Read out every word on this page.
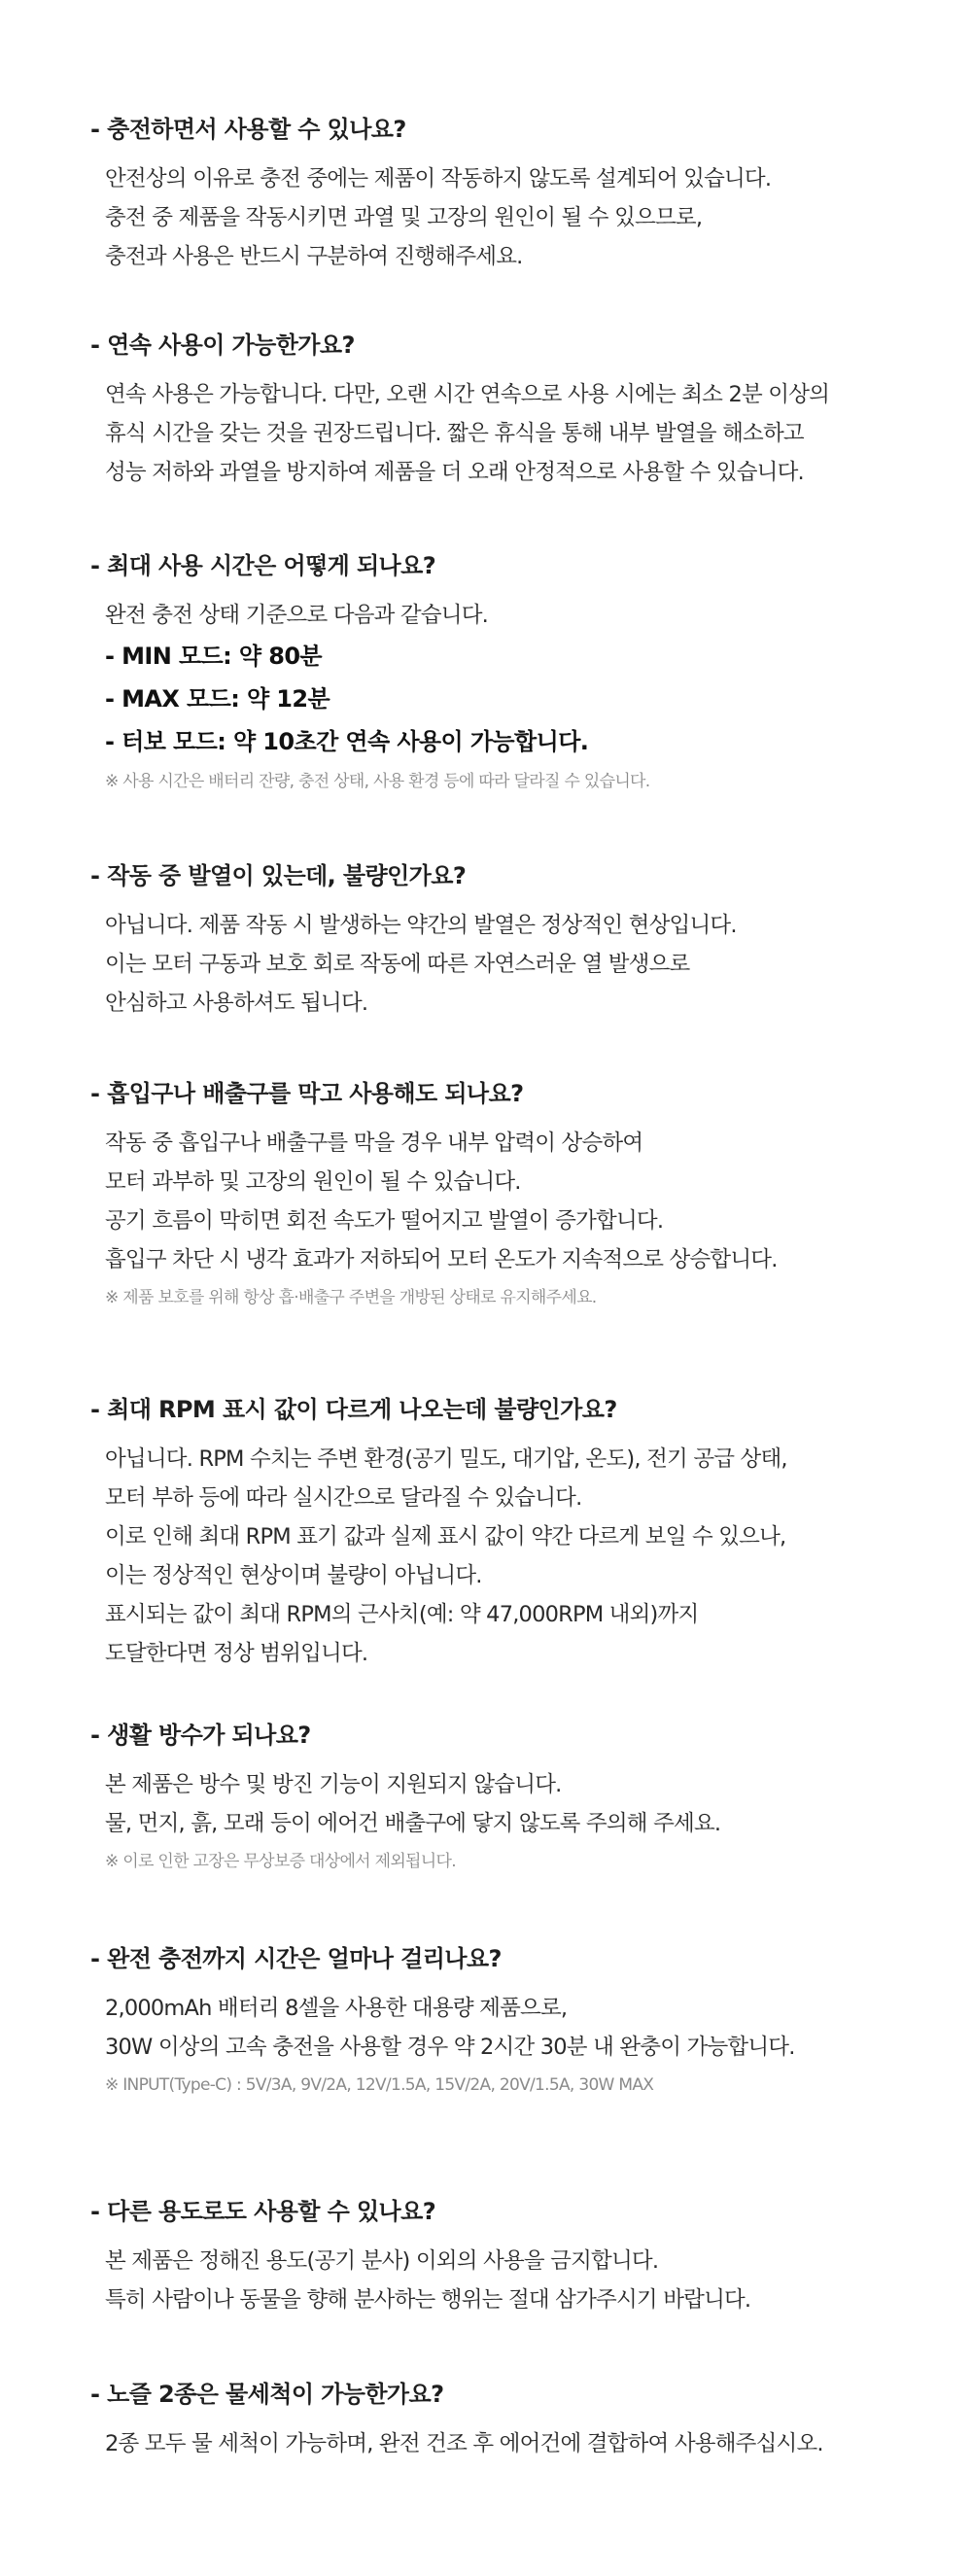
- 충전하면서 사용할 수 있나요?
안전상의 이유로 충전 중에는 제품이 작동하지 않도록 설계되어 있습니다.
충전 중 제품을 작동시키면 과열 및 고장의 원인이 될 수 있으므로,
충전과 사용은 반드시 구분하여 진행해주세요.
- 연속 사용이 가능한가요?
연속 사용은 가능합니다. 다만, 오랜 시간 연속으로 사용 시에는 최소 2분 이상의
휴식 시간을 갖는 것을 권장드립니다. 짧은 휴식을 통해 내부 발열을 해소하고
성능 저하와 과열을 방지하여 제품을 더 오래 안정적으로 사용할 수 있습니다.
- 최대 사용 시간은 어떻게 되나요?
완전 충전 상태 기준으로 다음과 같습니다.
- MIN 모드: 약 80분
- MAX 모드: 약 12분
- 터보 모드: 약 10초간 연속 사용이 가능합니다.
※ 사용 시간은 배터리 잔량, 충전 상태, 사용 환경 등에 따라 달라질 수 있습니다.
- 작동 중 발열이 있는데, 불량인가요?
아닙니다. 제품 작동 시 발생하는 약간의 발열은 정상적인 현상입니다.
이는 모터 구동과 보호 회로 작동에 따른 자연스러운 열 발생으로
안심하고 사용하셔도 됩니다.
- 흡입구나 배출구를 막고 사용해도 되나요?
작동 중 흡입구나 배출구를 막을 경우 내부 압력이 상승하여
모터 과부하 및 고장의 원인이 될 수 있습니다.
공기 흐름이 막히면 회전 속도가 떨어지고 발열이 증가합니다.
흡입구 차단 시 냉각 효과가 저하되어 모터 온도가 지속적으로 상승합니다.
※ 제품 보호를 위해 항상 흡·배출구 주변을 개방된 상태로 유지해주세요.
- 최대 RPM 표시 값이 다르게 나오는데 불량인가요?
아닙니다. RPM 수치는 주변 환경(공기 밀도, 대기압, 온도), 전기 공급 상태,
모터 부하 등에 따라 실시간으로 달라질 수 있습니다.
이로 인해 최대 RPM 표기 값과 실제 표시 값이 약간 다르게 보일 수 있으나,
이는 정상적인 현상이며 불량이 아닙니다.
표시되는 값이 최대 RPM의 근사치(예: 약 47,000RPM 내외)까지
도달한다면 정상 범위입니다.
- 생활 방수가 되나요?
본 제품은 방수 및 방진 기능이 지원되지 않습니다.
물, 먼지, 흙, 모래 등이 에어건 배출구에 닿지 않도록 주의해 주세요.
※ 이로 인한 고장은 무상보증 대상에서 제외됩니다.
- 완전 충전까지 시간은 얼마나 걸리나요?
2,000mAh 배터리 8셀을 사용한 대용량 제품으로,
30W 이상의 고속 충전을 사용할 경우 약 2시간 30분 내 완충이 가능합니다.
※ INPUT(Type-C) : 5V/3A, 9V/2A, 12V/1.5A, 15V/2A, 20V/1.5A, 30W MAX
- 다른 용도로도 사용할 수 있나요?
본 제품은 정해진 용도(공기 분사) 이외의 사용을 금지합니다.
특히 사람이나 동물을 향해 분사하는 행위는 절대 삼가주시기 바랍니다.
- 노즐 2종은 물세척이 가능한가요?
2종 모두 물 세척이 가능하며, 완전 건조 후 에어건에 결합하여 사용해주십시오.
